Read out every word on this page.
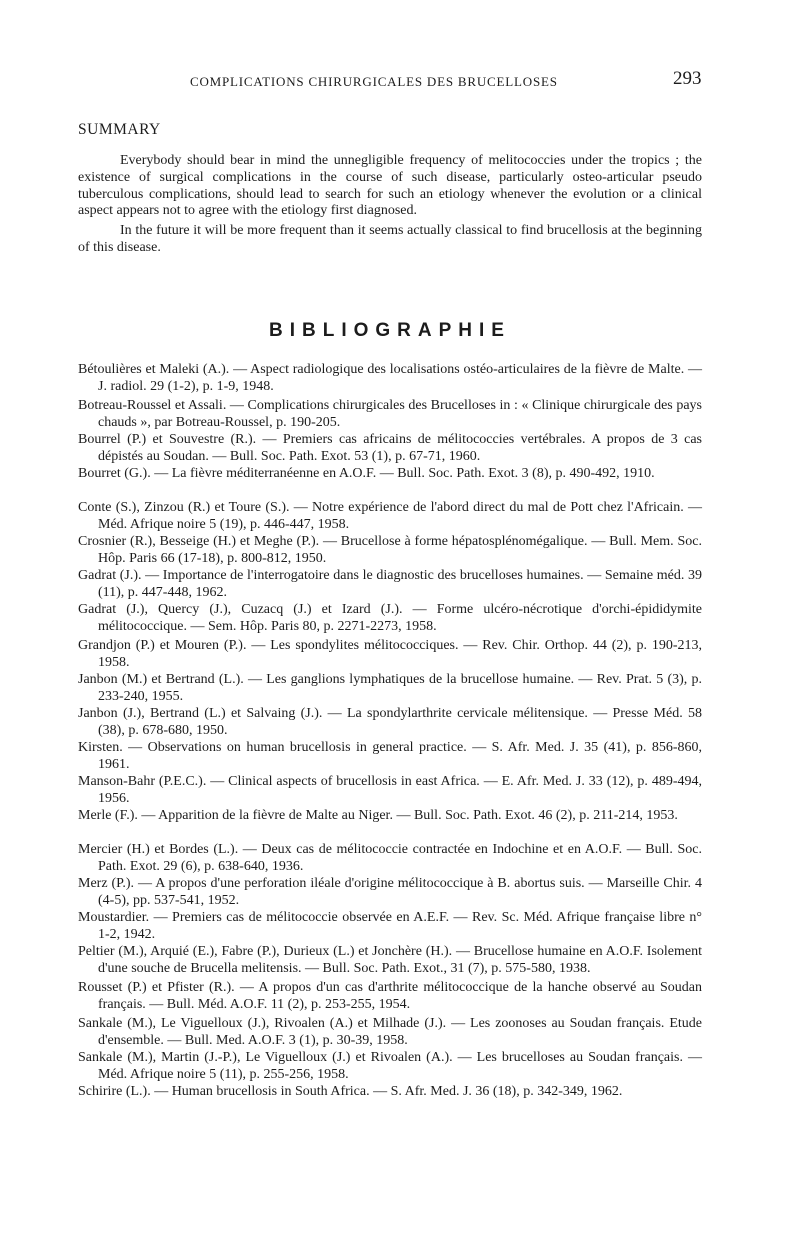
COMPLICATIONS CHIRURGICALES DES BRUCELLOSES	293
SUMMARY

Everybody should bear in mind the unnegligible frequency of melitococcies under the tropics ; the existence of surgical complications in the course of such disease, particularly osteo-articular pseudo tuberculous complications, should lead to search for such an etiology whenever the evolution or a clinical aspect appears not to agree with the etiology first diagnosed.

In the future it will be more frequent than it seems actually classical to find brucellosis at the beginning of this disease.

BIBLIOGRAPHIE

Bétoulières et Maleki (A.). — Aspect radiologique des localisations ostéo-articulaires de la fièvre de Malte. — J. radiol. 29 (1-2), p. 1-9, 1948.

Botreau-Roussel et Assali. — Complications chirurgicales des Brucelloses in : « Clinique chirurgicale des pays chauds », par Botreau-Roussel, p. 190-205.

Bourrel (P.) et Souvestre (R.). — Premiers cas africains de mélitococcies vertébrales. A propos de 3 cas dépistés au Soudan. — Bull. Soc. Path. Exot. 53 (1), p. 67-71, 1960.

Bourret (G.). — La fièvre méditerranéenne en A.O.F. — Bull. Soc. Path. Exot. 3 (8), p. 490-492, 1910.

Conte (S.), Zinzou (R.) et Toure (S.). — Notre expérience de l'abord direct du mal de Pott chez l'Africain. — Méd. Afrique noire 5 (19), p. 446-447, 1958.

Crosnier (R.), Besseige (H.) et Meghe (P.). — Brucellose à forme hépatosplénomégalique. — Bull. Mem. Soc. Hôp. Paris 66 (17-18), p. 800-812, 1950.

Gadrat (J.). — Importance de l'interrogatoire dans le diagnostic des brucelloses humaines. — Semaine méd. 39 (11), p. 447-448, 1962.

Gadrat (J.), Quercy (J.), Cuzacq (J.) et Izard (J.). — Forme ulcéro-nécrotique d'orchi-épididymite mélitococcique. — Sem. Hôp. Paris 80, p. 2271-2273, 1958.

Grandjon (P.) et Mouren (P.). — Les spondylites mélitococciques. — Rev. Chir. Orthop. 44 (2), p. 190-213, 1958.

Janbon (M.) et Bertrand (L.). — Les ganglions lymphatiques de la brucellose humaine. — Rev. Prat. 5 (3), p. 233-240, 1955.

Janbon (J.), Bertrand (L.) et Salvaing (J.). — La spondylarthrite cervicale mélitensique. — Presse Méd. 58 (38), p. 678-680, 1950.

Kirsten. — Observations on human brucellosis in general practice. — S. Afr. Med. J. 35 (41), p. 856-860, 1961.

Manson-Bahr (P.E.C.). — Clinical aspects of brucellosis in east Africa. — E. Afr. Med. J. 33 (12), p. 489-494, 1956.

Merle (F.). — Apparition de la fièvre de Malte au Niger. — Bull. Soc. Path. Exot. 46 (2), p. 211-214, 1953.

Mercier (H.) et Bordes (L.). — Deux cas de mélitococcie contractée en Indochine et en A.O.F. — Bull. Soc. Path. Exot. 29 (6), p. 638-640, 1936.

Merz (P.). — A propos d'une perforation iléale d'origine mélitococcique à B. abortus suis. — Marseille Chir. 4 (4-5), pp. 537-541, 1952.

Moustardier. — Premiers cas de mélitococcie observée en A.E.F. — Rev. Sc. Méd. Afrique française libre n° 1-2, 1942.

Peltier (M.), Arquié (E.), Fabre (P.), Durieux (L.) et Jonchère (H.). — Brucellose humaine en A.O.F. Isolement d'une souche de Brucella melitensis. — Bull. Soc. Path. Exot., 31 (7), p. 575-580, 1938.

Rousset (P.) et Pfister (R.). — A propos d'un cas d'arthrite mélitococcique de la hanche observé au Soudan français. — Bull. Méd. A.O.F. 11 (2), p. 253-255, 1954.

Sankale (M.), Le Viguelloux (J.), Rivoalen (A.) et Milhade (J.). — Les zoonoses au Soudan français. Etude d'ensemble. — Bull. Med. A.O.F. 3 (1), p. 30-39, 1958.

Sankale (M.), Martin (J.-P.), Le Viguelloux (J.) et Rivoalen (A.). — Les brucelloses au Soudan français. — Méd. Afrique noire 5 (11), p. 255-256, 1958.

Schirire (L.). — Human brucellosis in South Africa. — S. Afr. Med. J. 36 (18), p. 342-349, 1962.
